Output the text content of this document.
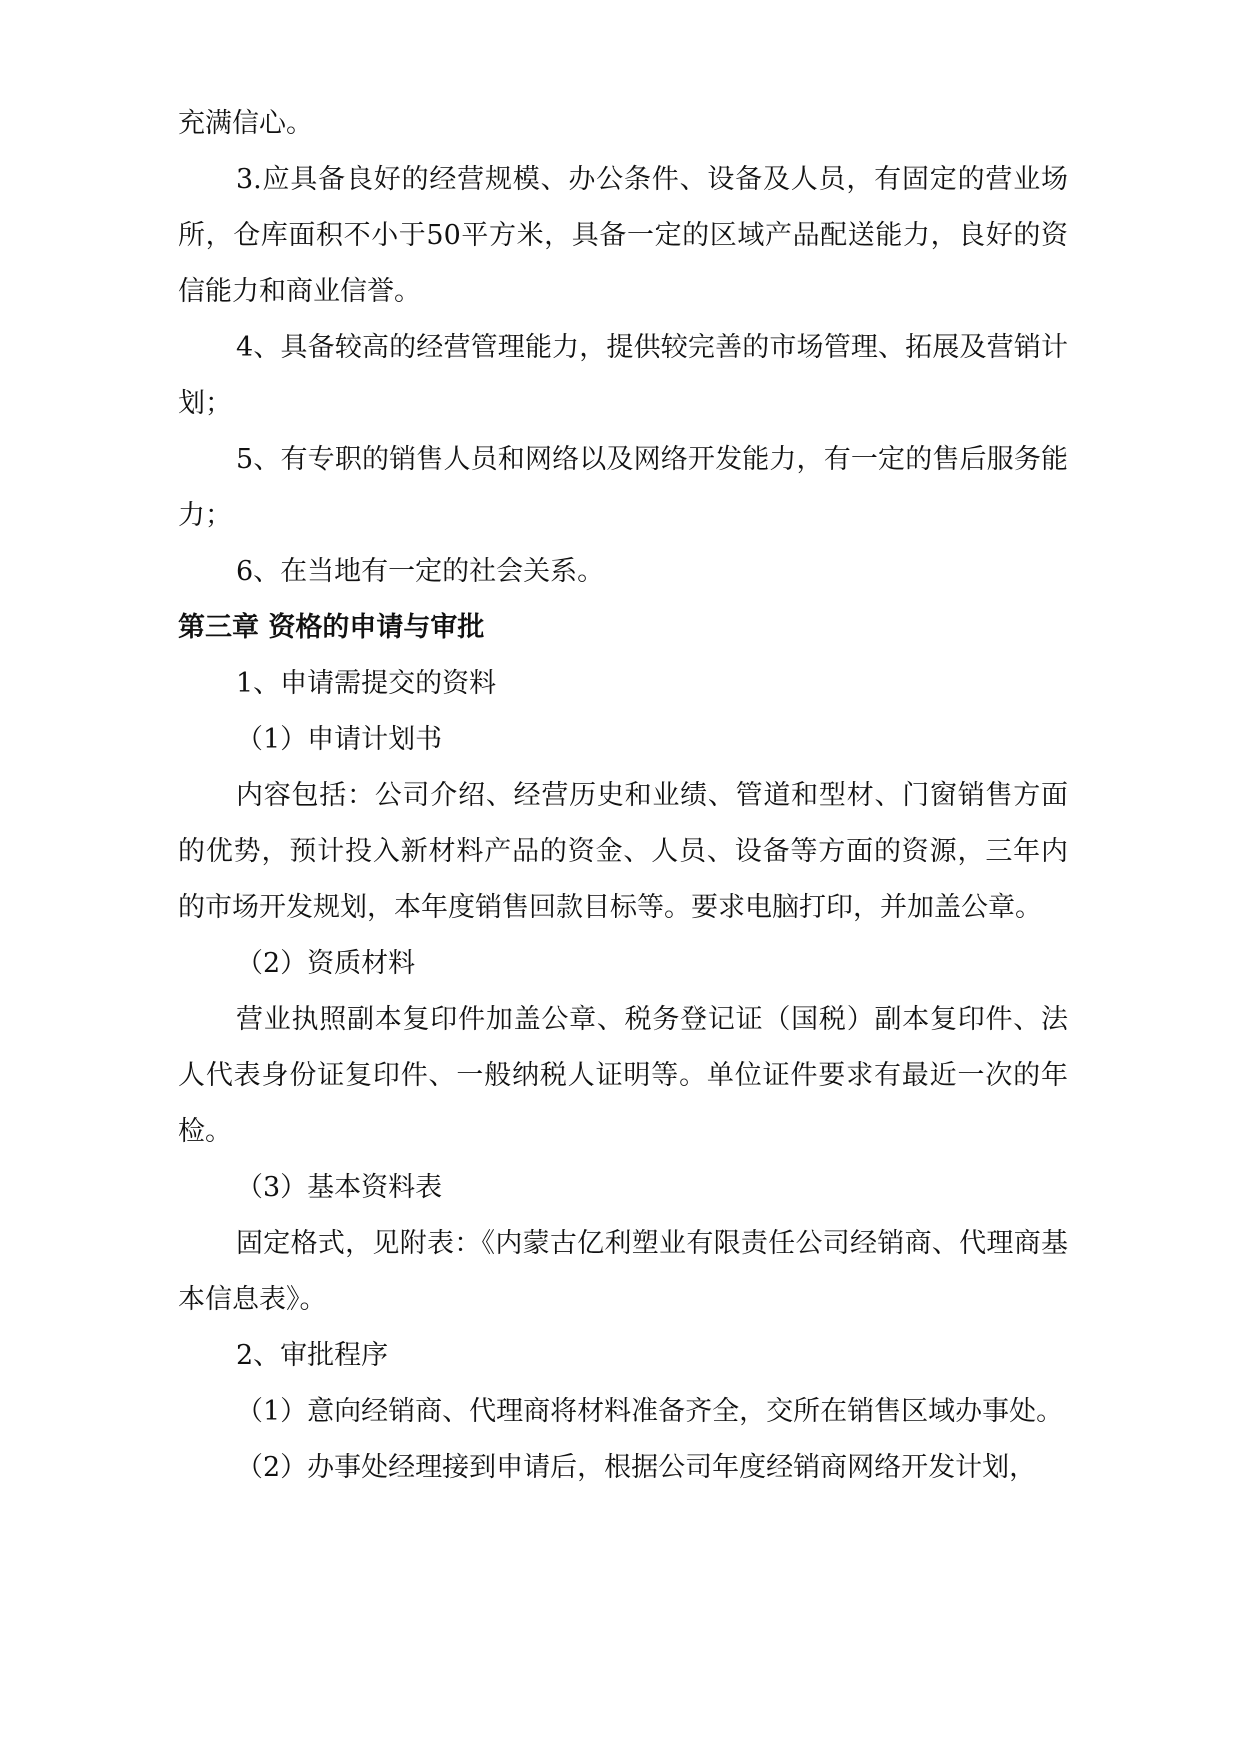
充满信心。

3.应具备良好的经营规模、办公条件、设备及人员，有固定的营业场所，仓库面积不小于50平方米，具备一定的区域产品配送能力，良好的资信能力和商业信誉。

4、具备较高的经营管理能力，提供较完善的市场管理、拓展及营销计划；

5、有专职的销售人员和网络以及网络开发能力，有一定的售后服务能力；

6、在当地有一定的社会关系。

第三章 资格的申请与审批

1、申请需提交的资料

（1）申请计划书

内容包括：公司介绍、经营历史和业绩、管道和型材、门窗销售方面的优势，预计投入新材料产品的资金、人员、设备等方面的资源，三年内的市场开发规划，本年度销售回款目标等。要求电脑打印，并加盖公章。

（2）资质材料

营业执照副本复印件加盖公章、税务登记证（国税）副本复印件、法人代表身份证复印件、一般纳税人证明等。单位证件要求有最近一次的年检。

（3）基本资料表

固定格式，见附表：《内蒙古亿利塑业有限责任公司经销商、代理商基本信息表》。

2、审批程序

（1）意向经销商、代理商将材料准备齐全，交所在销售区域办事处。

（2）办事处经理接到申请后，根据公司年度经销商网络开发计划，
